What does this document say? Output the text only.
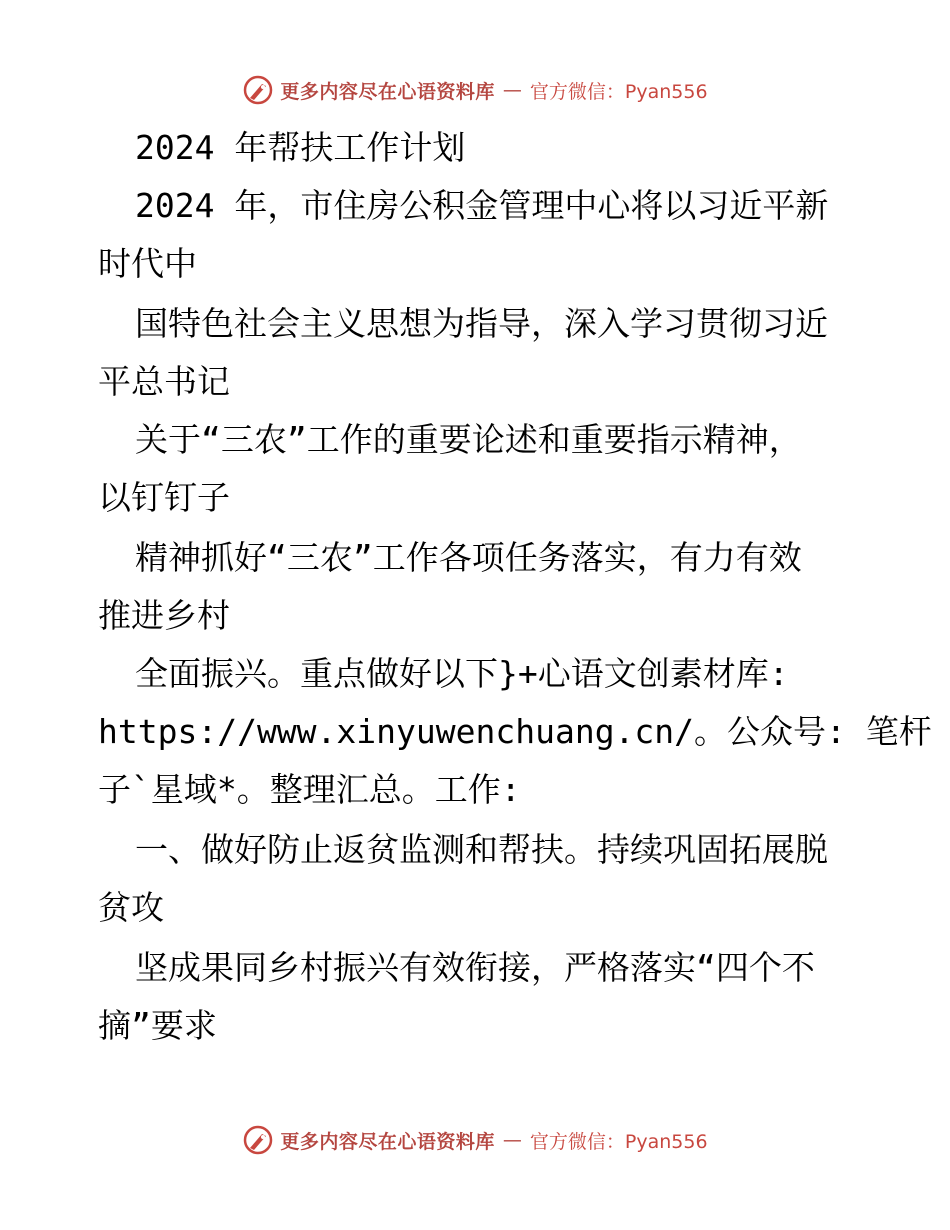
更多内容尽在心语资料库 — 官方微信：Pyan556
2024 年帮扶工作计划
2024 年，市住房公积金管理中心将以习近平新
时代中
国特色社会主义思想为指导，深入学习贯彻习近
平总书记
关于“三农”工作的重要论述和重要指示精神，
以钉钉子
精神抓好“三农”工作各项任务落实，有力有效
推进乡村
全面振兴。重点做好以下}+心语文创素材库:
https://www.xinyuwenchuang.cn/。公众号: 笔杆
子`星域*。整理汇总。工作:
一、做好防止返贫监测和帮扶。持续巩固拓展脱
贫攻
坚成果同乡村振兴有效衔接，严格落实“四个不
摘”要求
更多内容尽在心语资料库 — 官方微信：Pyan556
